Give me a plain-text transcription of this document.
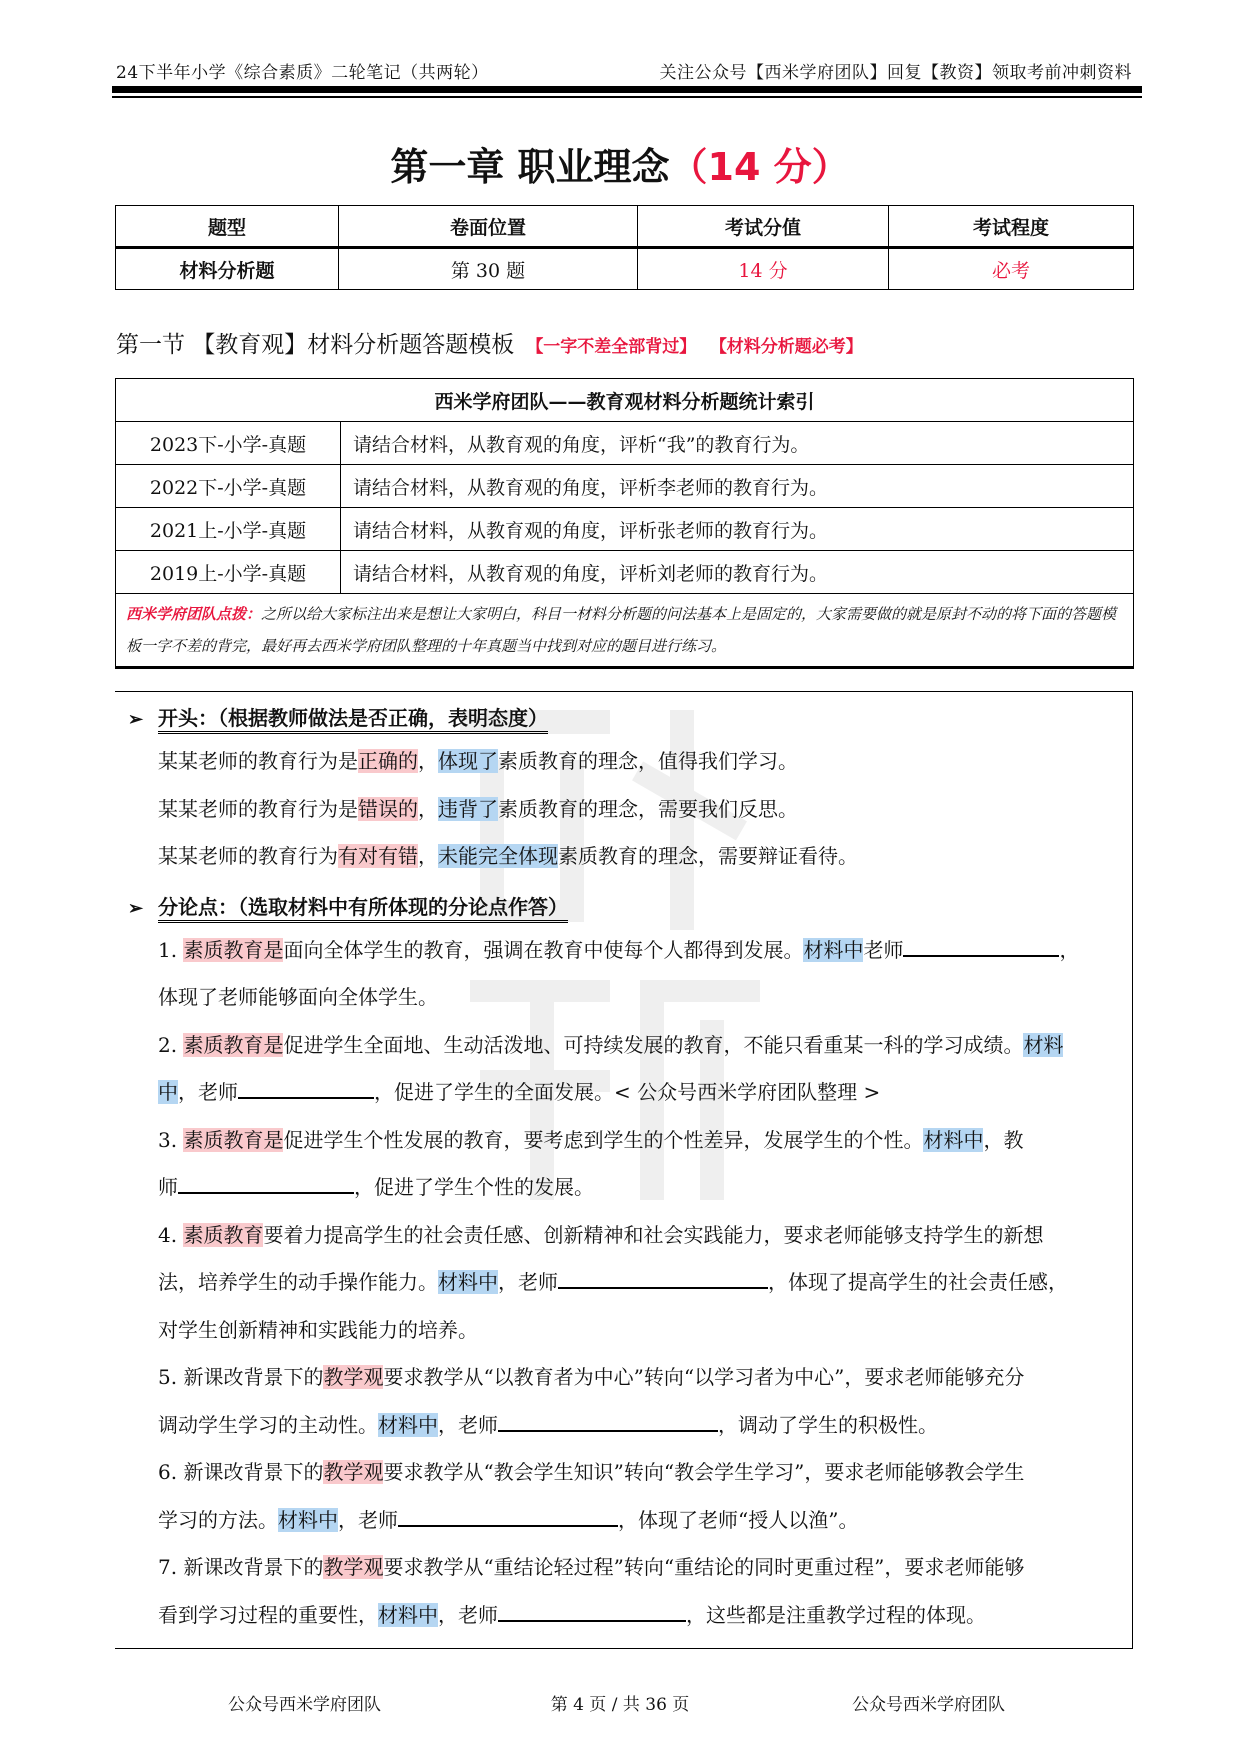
24下半年小学《综合素质》二轮笔记（共两轮）	关注公众号【西米学府团队】回复【教资】领取考前冲刺资料
第一章 职业理念（14 分）
题型	卷面位置	考试分值	考试程度
材料分析题	第 30 题	14 分	必考
第一节 【教育观】材料分析题答题模板 【一字不差全部背过】 【材料分析题必考】
西米学府团队——教育观材料分析题统计索引	
2023下-小学-真题	请结合材料，从教育观的角度，评析“我”的教育行为。
2022下-小学-真题	请结合材料，从教育观的角度，评析李老师的教育行为。
2021上-小学-真题	请结合材料，从教育观的角度，评析张老师的教育行为。
2019上-小学-真题	请结合材料，从教育观的角度，评析刘老师的教育行为。
西米学府团队点拨：之所以给大家标注出来是想让大家明白，科目一材料分析题的问法基本上是固定的，大家需要做的就是原封不动的将下面的答题模板一字不差的背完，最好再去西米学府团队整理的十年真题当中找到对应的题目进行练习。	
➢ 开头：（根据教师做法是否正确，表明态度）
某某老师的教育行为是正确的，体现了素质教育的理念，值得我们学习。
某某老师的教育行为是错误的，违背了素质教育的理念，需要我们反思。
某某老师的教育行为有对有错，未能完全体现素质教育的理念，需要辩证看待。
➢ 分论点：（选取材料中有所体现的分论点作答）
1. 素质教育是面向全体学生的教育，强调在教育中使每个人都得到发展。材料中老师	，
体现了老师能够面向全体学生。
2. 素质教育是促进学生全面地、生动活泼地、可持续发展的教育，不能只看重某一科的学习成绩。材料
中，老师	，促进了学生的全面发展。< 公众号西米学府团队整理 >
3. 素质教育是促进学生个性发展的教育，要考虑到学生的个性差异，发展学生的个性。材料中，教
师	，促进了学生个性的发展。
4. 素质教育要着力提高学生的社会责任感、创新精神和社会实践能力，要求老师能够支持学生的新想
法，培养学生的动手操作能力。材料中，老师	，体现了提高学生的社会责任感，
对学生创新精神和实践能力的培养。
5. 新课改背景下的教学观要求教学从“以教育者为中心”转向“以学习者为中心”，要求老师能够充分
调动学生学习的主动性。材料中，老师	，调动了学生的积极性。
6. 新课改背景下的教学观要求教学从“教会学生知识”转向“教会学生学习”，要求老师能够教会学生
学习的方法。材料中，老师	，体现了老师“授人以渔”。
7. 新课改背景下的教学观要求教学从“重结论轻过程”转向“重结论的同时更重过程”，要求老师能够
看到学习过程的重要性，材料中，老师	，这些都是注重教学过程的体现。
公众号西米学府团队	第 4 页 / 共 36 页	公众号西米学府团队
